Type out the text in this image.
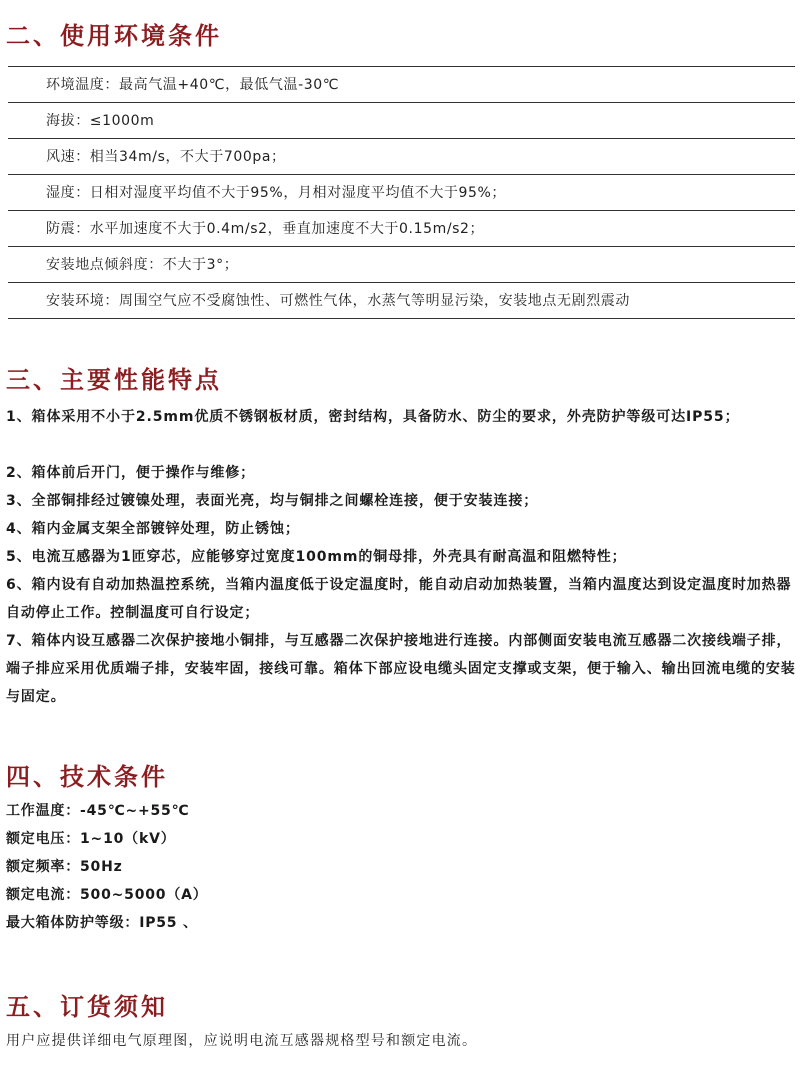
二、使用环境条件
环境温度：最高气温+40℃，最低气温-30℃
海拔：≤1000m
风速：相当34m/s，不大于700pa；
湿度：日相对湿度平均值不大于95%，月相对湿度平均值不大于95%；
防震：水平加速度不大于0.4m/s2，垂直加速度不大于0.15m/s2；
安装地点倾斜度：不大于3°；
安装环境：周围空气应不受腐蚀性、可燃性气体，水蒸气等明显污染，安装地点无剧烈震动
三、主要性能特点

1、箱体采用不小于2.5mm优质不锈钢板材质，密封结构，具备防水、防尘的要求，外壳防护等级可达IP55；

2、箱体前后开门，便于操作与维修；

3、全部铜排经过镀镍处理，表面光亮，均与铜排之间螺栓连接，便于安装连接；

4、箱内金属支架全部镀锌处理，防止锈蚀；

5、电流互感器为1匝穿芯，应能够穿过宽度100mm的铜母排，外壳具有耐高温和阻燃特性；

6、箱内设有自动加热温控系统，当箱内温度低于设定温度时，能自动启动加热装置，当箱内温度达到设定温度时加热器自动停止工作。控制温度可自行设定；

7、箱体内设互感器二次保护接地小铜排，与互感器二次保护接地进行连接。内部侧面安装电流互感器二次接线端子排，端子排应采用优质端子排，安装牢固，接线可靠。箱体下部应设电缆头固定支撑或支架，便于输入、输出回流电缆的安装与固定。

四、技术条件

工作温度：-45℃~+55℃

额定电压：1~10（kV）

额定频率：50Hz

额定电流：500~5000（A）

最大箱体防护等级：IP55 、

五、订货须知

用户应提供详细电气原理图，应说明电流互感器规格型号和额定电流。
